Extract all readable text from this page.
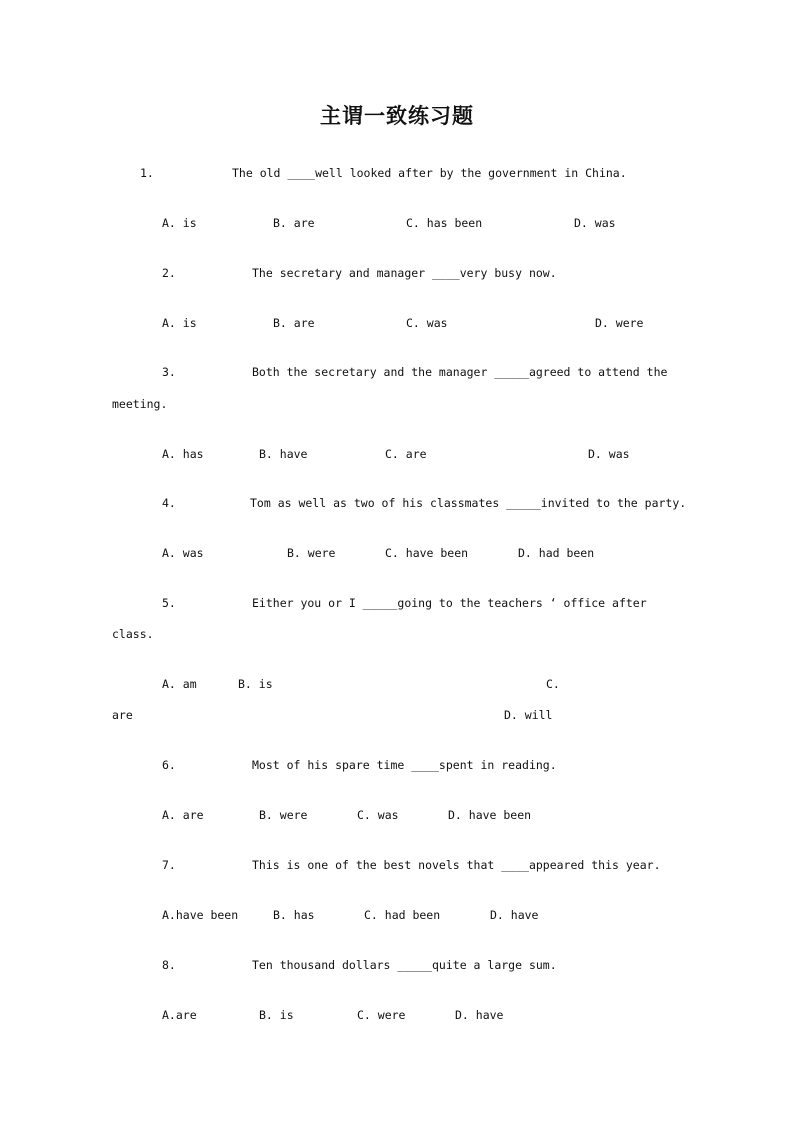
主谓一致练习题
1.	The old ____well looked after by the government in China.
A. is	B. are	C. has been	D. was
2.	The secretary and manager ____very busy now.
A. is	B. are	C. was	D. were
3.	Both the secretary and the manager _____agreed to attend the
meeting.
A. has	B. have	C. are	D. was
4.	Tom as well as two of his classmates _____invited to the party.
A. was	B. were	C. have been	D. had been
5.	Either you or I _____going to the teachers ‘ office after
class.
A. am	B. is	C.
are	D. will
6.	Most of his spare time ____spent in reading.
A. are	B. were	C. was	D. have been
7.	This is one of the best novels that ____appeared this year.
A.have been	B. has	C. had been	D. have
8.	Ten thousand dollars _____quite a large sum.
A.are	B. is	C. were	D. have
